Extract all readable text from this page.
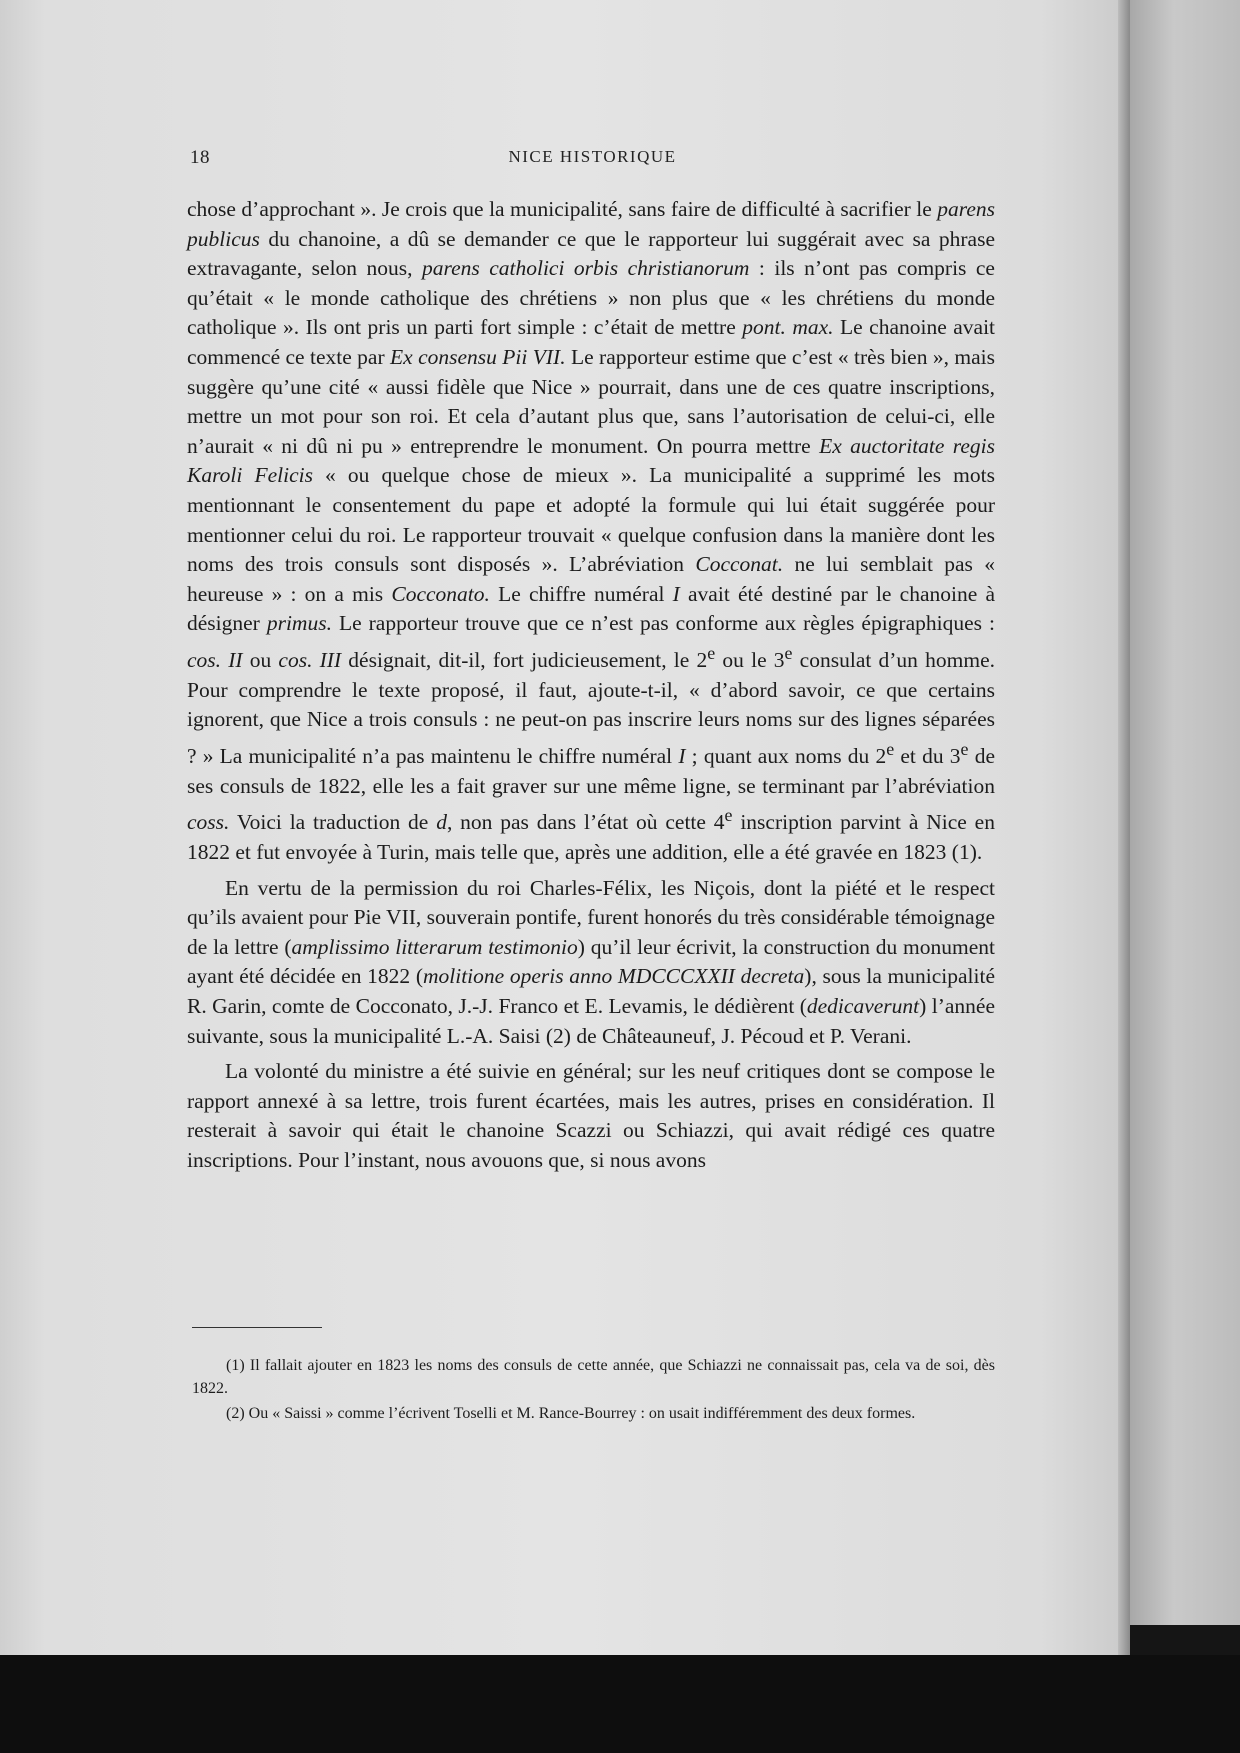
18	NICE HISTORIQUE

chose d’approchant ». Je crois que la municipalité, sans faire de difficulté à sacrifier le parens publicus du chanoine, a dû se demander ce que le rapporteur lui suggérait avec sa phrase extravagante, selon nous, parens catholici orbis christianorum : ils n’ont pas compris ce qu’était « le monde catholique des chrétiens » non plus que « les chrétiens du monde catholique ». Ils ont pris un parti fort simple : c’était de mettre pont. max. Le chanoine avait commencé ce texte par Ex consensu Pii VII. Le rapporteur estime que c’est « très bien », mais suggère qu’une cité « aussi fidèle que Nice » pourrait, dans une de ces quatre inscriptions, mettre un mot pour son roi. Et cela d’autant plus que, sans l’autorisation de celui-ci, elle n’aurait « ni dû ni pu » entreprendre le monument. On pourra mettre Ex auctoritate regis Karoli Felicis « ou quelque chose de mieux ». La municipalité a supprimé les mots mentionnant le consentement du pape et adopté la formule qui lui était suggérée pour mentionner celui du roi. Le rapporteur trouvait « quelque confusion dans la manière dont les noms des trois consuls sont disposés ». L’abréviation Cocconat. ne lui semblait pas « heureuse » : on a mis Cocconato. Le chiffre numéral I avait été destiné par le chanoine à désigner primus. Le rapporteur trouve que ce n’est pas conforme aux règles épigraphiques : cos. II ou cos. III désignait, dit-il, fort judicieusement, le 2e ou le 3e consulat d’un homme. Pour comprendre le texte proposé, il faut, ajoute-t-il, « d’abord savoir, ce que certains ignorent, que Nice a trois consuls : ne peut-on pas inscrire leurs noms sur des lignes séparées ? » La municipalité n’a pas maintenu le chiffre numéral I ; quant aux noms du 2e et du 3e de ses consuls de 1822, elle les a fait graver sur une même ligne, se terminant par l’abréviation coss. Voici la traduction de d, non pas dans l’état où cette 4e inscription parvint à Nice en 1822 et fut envoyée à Turin, mais telle que, après une addition, elle a été gravée en 1823 (1).

En vertu de la permission du roi Charles-Félix, les Niçois, dont la piété et le respect qu’ils avaient pour Pie VII, souverain pontife, furent honorés du très considérable témoignage de la lettre (amplissimo litterarum testimonio) qu’il leur écrivit, la construction du monument ayant été décidée en 1822 (molitione operis anno MDCCCXXII decreta), sous la municipalité R. Garin, comte de Cocconato, J.-J. Franco et E. Levamis, le dédièrent (dedicaverunt) l’année suivante, sous la municipalité L.-A. Saisi (2) de Châteauneuf, J. Pécoud et P. Verani.

La volonté du ministre a été suivie en général; sur les neuf critiques dont se compose le rapport annexé à sa lettre, trois furent écartées, mais les autres, prises en considération. Il resterait à savoir qui était le chanoine Scazzi ou Schiazzi, qui avait rédigé ces quatre inscriptions. Pour l’instant, nous avouons que, si nous avons

(1) Il fallait ajouter en 1823 les noms des consuls de cette année, que Schiazzi ne connaissait pas, cela va de soi, dès 1822.

(2) Ou « Saissi » comme l’écrivent Toselli et M. Rance-Bourrey : on usait indifféremment des deux formes.
